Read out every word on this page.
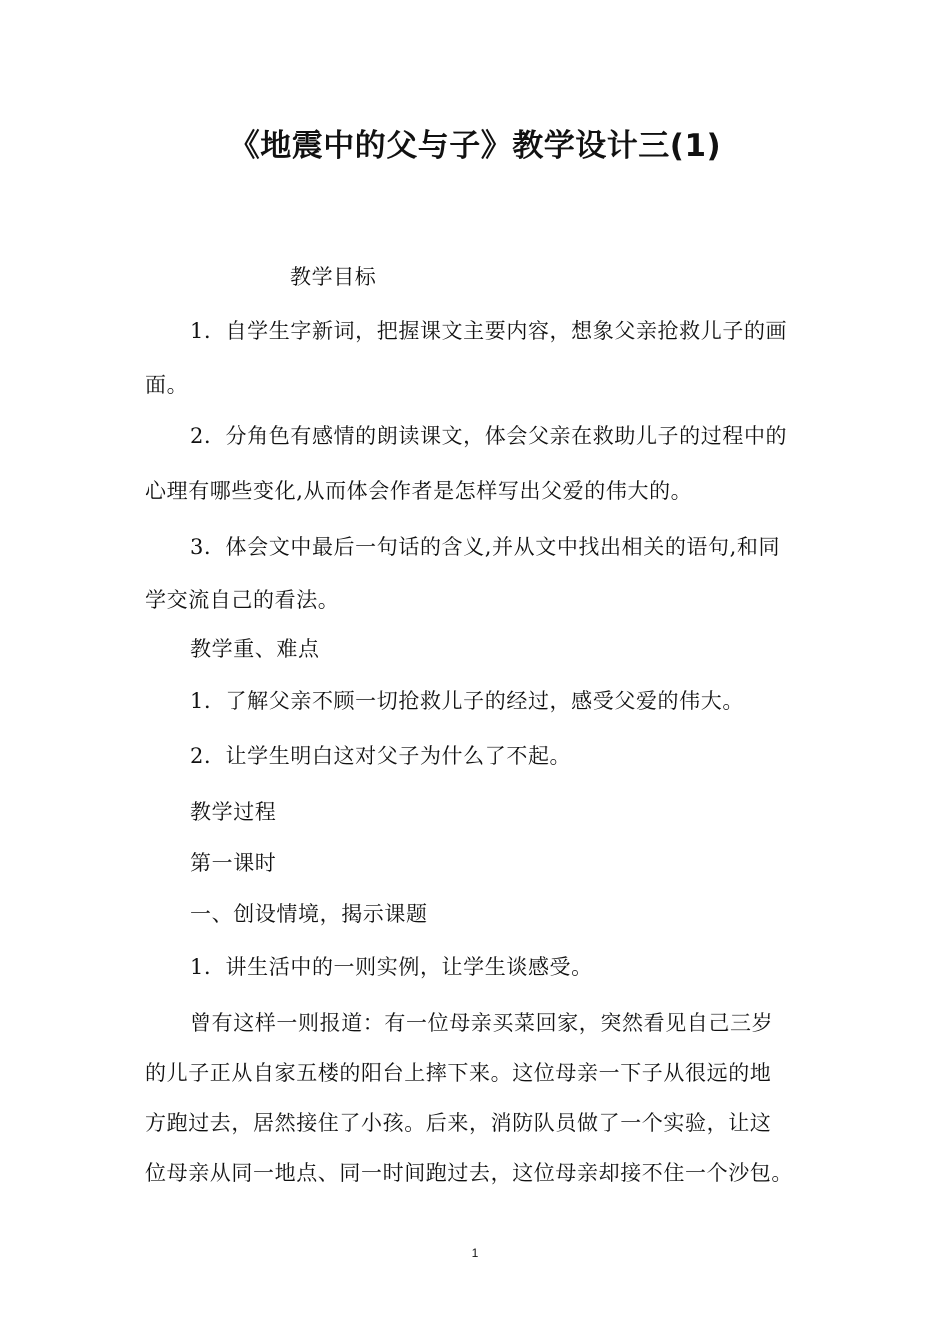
《地震中的父与子》教学设计三(1)
教学目标
1．自学生字新词，把握课文主要内容，想象父亲抢救儿子的画
面。
2．分角色有感情的朗读课文，体会父亲在救助儿子的过程中的
心理有哪些变化,从而体会作者是怎样写出父爱的伟大的。
3．体会文中最后一句话的含义,并从文中找出相关的语句,和同
学交流自己的看法。
教学重、难点
1．了解父亲不顾一切抢救儿子的经过，感受父爱的伟大。
2．让学生明白这对父子为什么了不起。
教学过程
第一课时
一、创设情境，揭示课题
1．讲生活中的一则实例，让学生谈感受。
曾有这样一则报道：有一位母亲买菜回家，突然看见自己三岁
的儿子正从自家五楼的阳台上摔下来。这位母亲一下子从很远的地
方跑过去，居然接住了小孩。后来，消防队员做了一个实验，让这
位母亲从同一地点、同一时间跑过去，这位母亲却接不住一个沙包。
1
